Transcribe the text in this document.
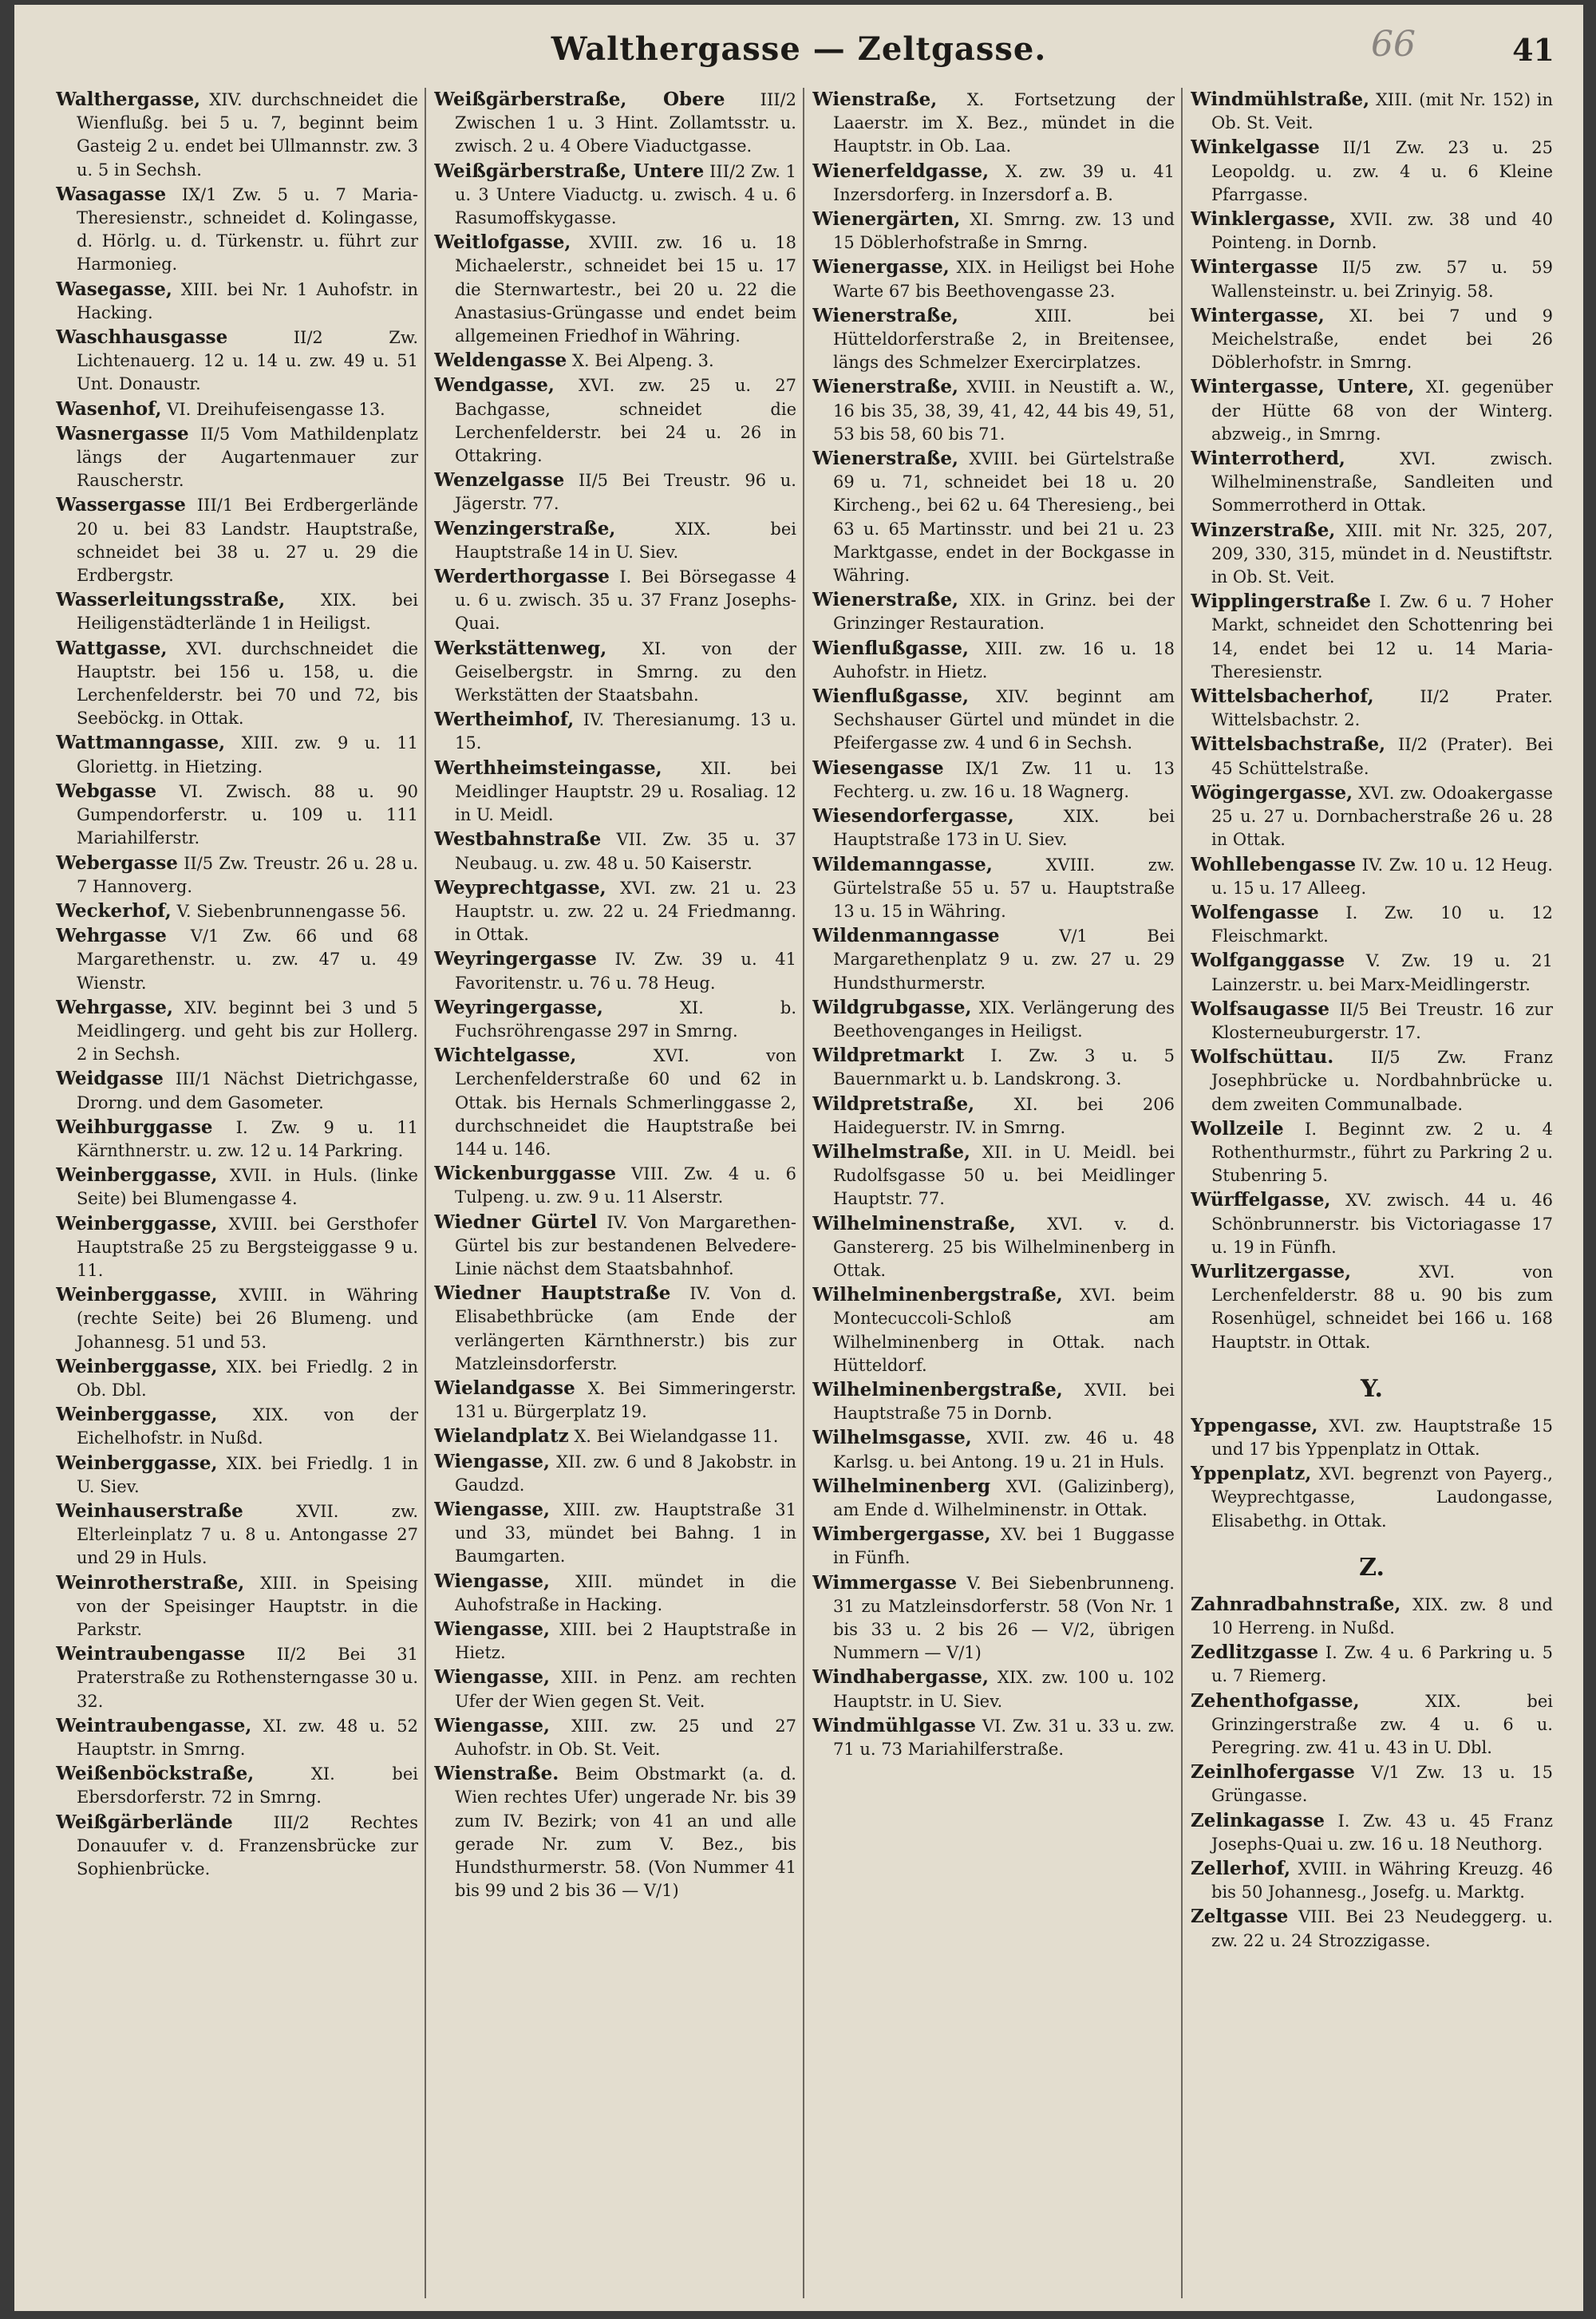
Walthergasse — Zeltgasse.	66	41
Walthergasse, XIV. durchschneidet die Wienflußg. bei 5 u. 7, beginnt beim Gasteig 2 u. endet bei Ullmannstr. zw. 3 u. 5 in Sechsh.
Wasagasse IX/1 Zw. 5 u. 7 Maria-Theresienstr., schneidet d. Kolingasse, d. Hörlg. u. d. Türkenstr. u. führt zur Harmonieg.
Wasegasse, XIII. bei Nr. 1 Auhofstr. in Hacking.
Waschhausgasse	II/2 Zw. Lichtenauerg. 12 u. 14 u. zw. 49 u. 51 Unt. Donaustr.
Wasenhof, VI. Dreihufeisengasse 13.
Wasnergasse II/5 Vom Mathildenplatz längs der Augartenmauer zur Rauscherstr.
Wassergasse III/1 Bei Erdbergerlände 20 u. bei 83 Landstr. Hauptstraße, schneidet bei 38 u. 27 u. 29 die Erdbergstr.
Wasserleitungsstraße, XIX. bei Heiligenstädterlände 1 in Heiligst.
Wattgasse, XVI. durchschneidet die Hauptstr. bei 156 u. 158, u. die Lerchenfelderstr. bei 70 und 72, bis Seeböckg. in Ottak.
Wattmanngasse, XIII. zw. 9 u. 11 Gloriettg. in Hietzing.
Webgasse VI. Zwisch. 88 u. 90 Gumpendorferstr. u. 109 u. 111 Mariahilferstr.
Webergasse II/5 Zw. Treustr. 26 u. 28 u. 7 Hannoverg.
Weckerhof, V. Siebenbrunnengasse 56.
Wehrgasse V/1 Zw. 66 und 68 Margarethenstr. u. zw. 47 u. 49 Wienstr.
Wehrgasse, XIV. beginnt bei 3 und 5 Meidlingerg. und geht bis zur Hollerg. 2 in Sechsh.
Weidgasse III/1 Nächst Dietrichgasse, Drorng. und dem Gasometer.
Weihburggasse I. Zw. 9 u. 11 Kärnthnerstr. u. zw. 12 u. 14 Parkring.
Weinberggasse, XVII. in Huls. (linke Seite) bei Blumengasse 4.
Weinberggasse, XVIII. bei Gersthofer Hauptstraße 25 zu Bergsteiggasse 9 u. 11.
Weinberggasse, XVIII. in Währing (rechte Seite) bei 26 Blumeng. und Johannesg. 51 und 53.
Weinberggasse, XIX. bei Friedlg. 2 in Ob. Dbl.
Weinberggasse, XIX. von der Eichelhofstr. in Nußd.
Weinberggasse, XIX. bei Friedlg. 1 in U. Siev.
Weinhauserstraße	XVII. zw. Elterleinplatz 7 u. 8 u. Antongasse 27 und 29 in Huls.
Weinrotherstraße, XIII. in Speising von der Speisinger Hauptstr. in die Parkstr.
Weintraubengasse II/2 Bei 31 Praterstraße zu Rothensterngasse 30 u. 32.
Weintraubengasse, XI. zw. 48 u. 52 Hauptstr. in Smrng.
Weißenböckstraße,	XI. bei Ebersdorferstr. 72 in Smrng.
Weißgärberlände III/2 Rechtes Donauufer v. d. Franzensbrücke zur Sophienbrücke.
Weißgärberstraße, Obere III/2 Zwischen 1 u. 3 Hint. Zollamtsstr. u. zwisch. 2 u. 4 Obere Viaductgasse.
Weißgärberstraße, Untere III/2 Zw. 1 u. 3 Untere Viaductg. u. zwisch. 4 u. 6 Rasumoffskygasse.
Weitlofgasse, XVIII. zw. 16 u. 18 Michaelerstr., schneidet bei 15 u. 17 die Sternwartestr., bei 20 u. 22 die Anastasius-Grüngasse und endet beim allgemeinen Friedhof in Währing.
Weldengasse X. Bei Alpeng. 3.
Wendgasse, XVI. zw. 25 u. 27 Bachgasse, schneidet die Lerchenfelderstr. bei 24 u. 26 in Ottakring.
Wenzelgasse II/5 Bei Treustr. 96 u. Jägerstr. 77.
Wenzingerstraße,	XIX. bei Hauptstraße 14 in U. Siev.
Werderthorgasse I. Bei Börsegasse 4 u. 6 u. zwisch. 35 u. 37 Franz Josephs-Quai.
Werkstättenweg, XI. von der Geiselbergstr. in Smrng. zu den Werkstätten der Staatsbahn.
Wertheimhof, IV. Theresianumg. 13 u. 15.
Werthheimsteingasse, XII. bei Meidlinger Hauptstr. 29 u. Rosaliag. 12 in U. Meidl.
Westbahnstraße VII. Zw. 35 u. 37 Neubaug. u. zw. 48 u. 50 Kaiserstr.
Weyprechtgasse, XVI. zw. 21 u. 23 Hauptstr. u. zw. 22 u. 24 Friedmanng. in Ottak.
Weyringergasse IV. Zw. 39 u. 41 Favoritenstr. u. 76 u. 78 Heug.
Weyringergasse,	XI. b. Fuchsröhrengasse 297 in Smrng.
Wichtelgasse,	XVI. von Lerchenfelderstraße 60 und 62 in Ottak. bis Hernals Schmerlinggasse 2, durchschneidet die Hauptstraße bei 144 u. 146.
Wickenburggasse VIII. Zw. 4 u. 6 Tulpeng. u. zw. 9 u. 11 Alserstr.
Wiedner Gürtel IV. Von Margarethen-Gürtel bis zur bestandenen Belvedere-Linie nächst dem Staatsbahnhof.
Wiedner Hauptstraße IV. Von d. Elisabethbrücke (am Ende der verlängerten Kärnthnerstr.) bis zur Matzleinsdorferstr.
Wielandgasse X. Bei Simmeringerstr. 131 u. Bürgerplatz 19.
Wielandplatz X. Bei Wielandgasse 11.
Wiengasse, XII. zw. 6 und 8 Jakobstr. in Gaudzd.
Wiengasse, XIII. zw. Hauptstraße 31 und 33, mündet bei Bahng. 1 in Baumgarten.
Wiengasse, XIII. mündet in die Auhofstraße in Hacking.
Wiengasse, XIII. bei 2 Hauptstraße in Hietz.
Wiengasse, XIII. in Penz. am rechten Ufer der Wien gegen St. Veit.
Wiengasse, XIII. zw. 25 und 27 Auhofstr. in Ob. St. Veit.
Wienstraße. Beim Obstmarkt (a. d. Wien rechtes Ufer) ungerade Nr. bis 39 zum IV. Bezirk; von 41 an und alle gerade Nr. zum V. Bez., bis Hundsthurmerstr. 58. (Von Nummer 41 bis 99 und 2 bis 36 — V/1)
Wienstraße, X. Fortsetzung der Laaerstr. im X. Bez., mündet in die Hauptstr. in Ob. Laa.
Wienerfeldgasse, X. zw. 39 u. 41 Inzersdorferg. in Inzersdorf a. B.
Wienergärten, XI. Smrng. zw. 13 und 15 Döblerhofstraße in Smrng.
Wienergasse, XIX. in Heiligst bei Hohe Warte 67 bis Beethovengasse 23.
Wienerstraße,	XIII. bei Hütteldorferstraße 2, in Breitensee, längs des Schmelzer Exercirplatzes.
Wienerstraße, XVIII. in Neustift a. W., 16 bis 35, 38, 39, 41, 42, 44 bis 49, 51, 53 bis 58, 60 bis 71.
Wienerstraße, XVIII. bei Gürtelstraße 69 u. 71, schneidet bei 18 u. 20 Kircheng., bei 62 u. 64 Theresieng., bei 63 u. 65 Martinsstr. und bei 21 u. 23 Marktgasse, endet in der Bockgasse in Währing.
Wienerstraße, XIX. in Grinz. bei der Grinzinger Restauration.
Wienflußgasse, XIII. zw. 16 u. 18 Auhofstr. in Hietz.
Wienflußgasse, XIV. beginnt am Sechshauser Gürtel und mündet in die Pfeifergasse zw. 4 und 6 in Sechsh.
Wiesengasse IX/1 Zw. 11 u. 13 Fechterg. u. zw. 16 u. 18 Wagnerg.
Wiesendorfergasse,	XIX. bei Hauptstraße 173 in U. Siev.
Wildemanngasse,	XVIII. zw. Gürtelstraße 55 u. 57 u. Hauptstraße 13 u. 15 in Währing.
Wildenmanngasse	V/1 Bei Margarethenplatz 9 u. zw. 27 u. 29 Hundsthurmerstr.
Wildgrubgasse, XIX. Verlängerung des Beethovenganges in Heiligst.
Wildpretmarkt I. Zw. 3 u. 5 Bauernmarkt u. b. Landskrong. 3.
Wildpretstraße, XI. bei 206 Haideguerstr. IV. in Smrng.
Wilhelmstraße, XII. in U. Meidl. bei Rudolfsgasse 50 u. bei Meidlinger Hauptstr. 77.
Wilhelminenstraße, XVI. v. d. Ganstererg. 25 bis Wilhelminenberg in Ottak.
Wilhelminenbergstraße, XVI. beim Montecuccoli-Schloß am Wilhelminenberg in Ottak. nach Hütteldorf.
Wilhelminenbergstraße, XVII. bei Hauptstraße 75 in Dornb.
Wilhelmsgasse, XVII. zw. 46 u. 48 Karlsg. u. bei Antong. 19 u. 21 in Huls.
Wilhelminenberg XVI. (Galizinberg), am Ende d. Wilhelminenstr. in Ottak.
Wimbergergasse, XV. bei 1 Buggasse in Fünfh.
Wimmergasse V. Bei Siebenbrunneng. 31 zu Matzleinsdorferstr. 58 (Von Nr. 1 bis 33 u. 2 bis 26 — V/2, übrigen Nummern — V/1)
Windhabergasse, XIX. zw. 100 u. 102 Hauptstr. in U. Siev.
Windmühlgasse VI. Zw. 31 u. 33 u. zw. 71 u. 73 Mariahilferstraße.
Windmühlstraße, XIII. (mit Nr. 152) in Ob. St. Veit.
Winkelgasse II/1 Zw. 23 u. 25 Leopoldg. u. zw. 4 u. 6 Kleine Pfarrgasse.
Winklergasse, XVII. zw. 38 und 40 Pointeng. in Dornb.
Wintergasse II/5 zw. 57 u. 59 Wallensteinstr. u. bei Zrinyig. 58.
Wintergasse, XI. bei 7 und 9 Meichelstraße, endet bei 26 Döblerhofstr. in Smrng.
Wintergasse, Untere, XI. gegenüber der Hütte 68 von der Winterg. abzweig., in Smrng.
Winterrotherd,	XVI. zwisch. Wilhelminenstraße, Sandleiten und Sommerrotherd in Ottak.
Winzerstraße, XIII. mit Nr. 325, 207, 209, 330, 315, mündet in d. Neustiftstr. in Ob. St. Veit.
Wipplingerstraße I. Zw. 6 u. 7 Hoher Markt, schneidet den Schottenring bei 14, endet bei 12 u. 14 Maria-Theresienstr.
Wittelsbacherhof,	II/2 Prater. Wittelsbachstr. 2.
Wittelsbachstraße, II/2 (Prater). Bei 45 Schüttelstraße.
Wögingergasse, XVI. zw. Odoakergasse 25 u. 27 u. Dornbacherstraße 26 u. 28 in Ottak.
Wohllebengasse IV. Zw. 10 u. 12 Heug. u. 15 u. 17 Alleeg.
Wolfengasse I. Zw. 10 u. 12 Fleischmarkt.
Wolfganggasse V. Zw. 19 u. 21 Lainzerstr. u. bei Marx-Meidlingerstr.
Wolfsaugasse II/5 Bei Treustr. 16 zur Klosterneuburgerstr. 17.
Wolfschüttau. II/5 Zw. Franz Josephbrücke u. Nordbahnbrücke u. dem zweiten Communalbade.
Wollzeile I. Beginnt zw. 2 u. 4 Rothenthurmstr., führt zu Parkring 2 u. Stubenring 5.
Würffelgasse, XV. zwisch. 44 u. 46 Schönbrunnerstr. bis Victoriagasse 17 u. 19 in Fünfh.
Wurlitzergasse,	XVI. von Lerchenfelderstr. 88 u. 90 bis zum Rosenhügel, schneidet bei 166 u. 168 Hauptstr. in Ottak.
Y.
Yppengasse, XVI. zw. Hauptstraße 15 und 17 bis Yppenplatz in Ottak.
Yppenplatz, XVI. begrenzt von Payerg., Weyprechtgasse, Laudongasse, Elisabethg. in Ottak.
Z.
Zahnradbahnstraße, XIX. zw. 8 und 10 Herreng. in Nußd.
Zedlitzgasse I. Zw. 4 u. 6 Parkring u. 5 u. 7 Riemerg.
Zehenthofgasse,	XIX. bei Grinzingerstraße zw. 4 u. 6 u. Peregring. zw. 41 u. 43 in U. Dbl.
Zeinlhofergasse V/1 Zw. 13 u. 15 Grüngasse.
Zelinkagasse I. Zw. 43 u. 45 Franz Josephs-Quai u. zw. 16 u. 18 Neuthorg.
Zellerhof, XVIII. in Währing Kreuzg. 46 bis 50 Johannesg., Josefg. u. Marktg.
Zeltgasse VIII. Bei 23 Neudeggerg. u. zw. 22 u. 24 Strozzigasse.
